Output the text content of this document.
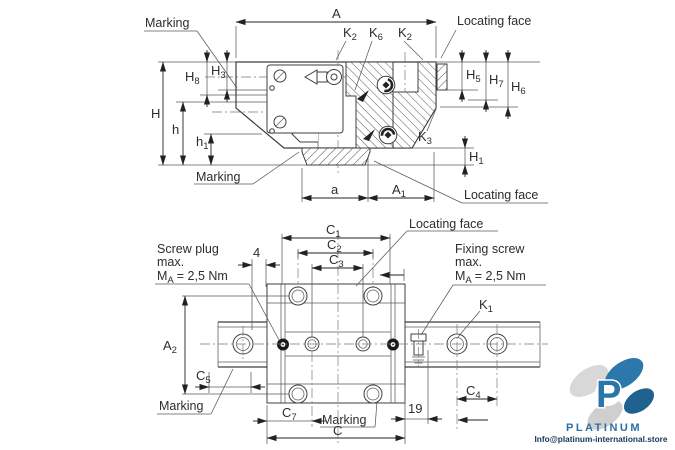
A
Marking
$K_2$ $K_6$ $K_2$
Locating face
$H_8$
$H_3$	$H_5$ $H_7$ $H_6$
H
h
$h_1$
$H_1$
$K_3$
Marking
a	$A_1$	Locating face
$C_1$
$C_2$
$C_3$
4
Screw plug
max.
$M_A = 2,5$ Nm
Fixing screw
max.
$M_A = 2,5$ Nm
Locating face
$A_2$
$C_5$
$K_1$
Marking	$C_7$ Marking
C
19
$C_4$	P
PLATINUM
Info@platinum-international.store
